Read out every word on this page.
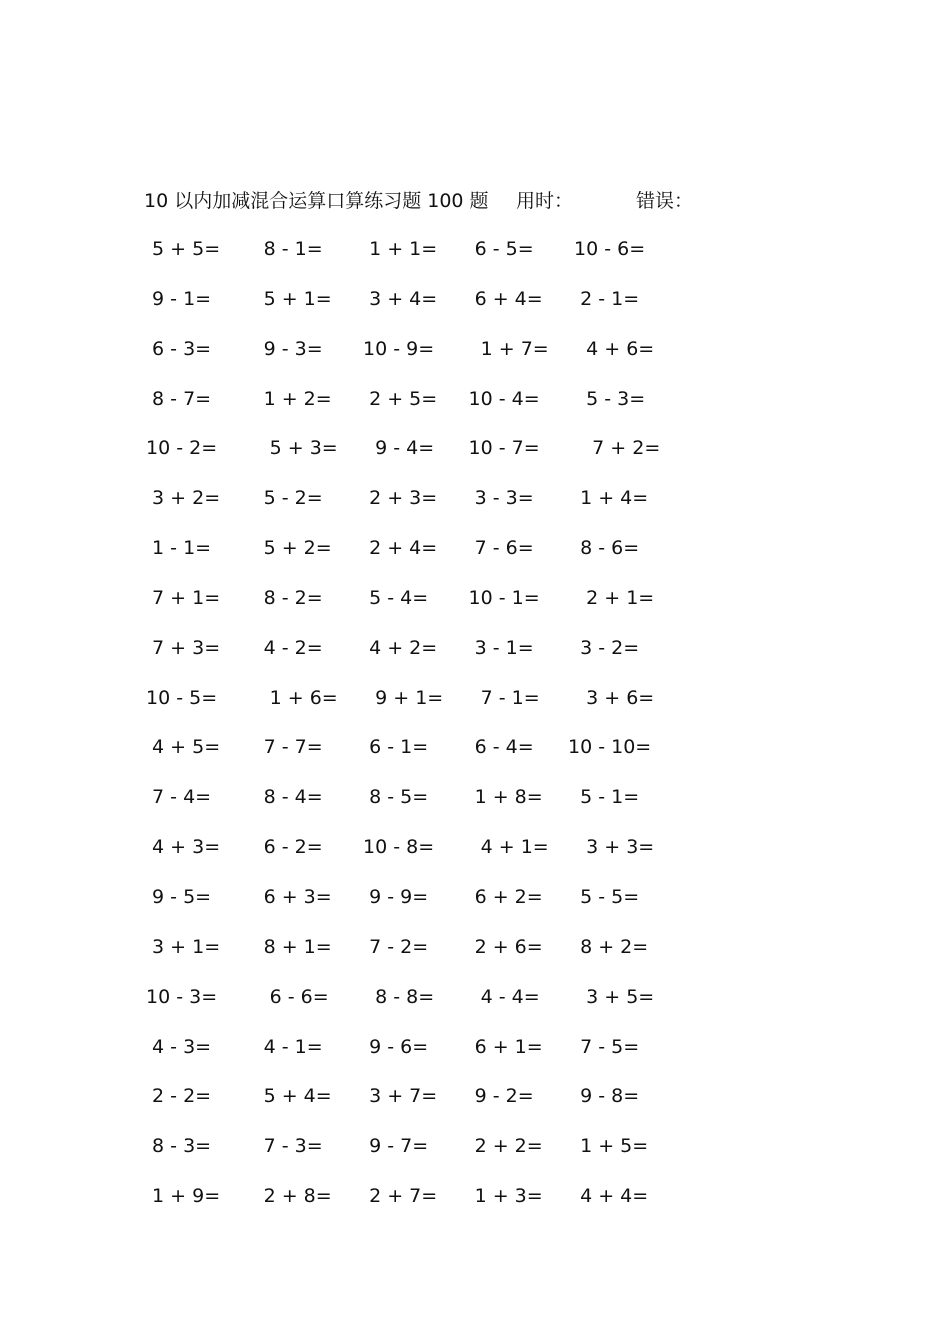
10 以内加减混合运算口算练习题 100 题 用时：	错误：
5 + 5=	8 - 1=	1 + 1=	6 - 5=	10 - 6=
9 - 1=	5 + 1=	3 + 4=	6 + 4=	2 - 1=
6 - 3=	9 - 3=	10 - 9=	1 + 7=	4 + 6=
8 - 7=	1 + 2=	2 + 5=	10 - 4=	5 - 3=
10 - 2=	5 + 3=	9 - 4=	10 - 7=	7 + 2=
3 + 2=	5 - 2=	2 + 3=	3 - 3=	1 + 4=
1 - 1=	5 + 2=	2 + 4=	7 - 6=	8 - 6=
7 + 1=	8 - 2=	5 - 4=	10 - 1=	2 + 1=
7 + 3=	4 - 2=	4 + 2=	3 - 1=	3 - 2=
10 - 5=	1 + 6=	9 + 1=	7 - 1=	3 + 6=
4 + 5=	7 - 7=	6 - 1=	6 - 4=	10 - 10=
7 - 4=	8 - 4=	8 - 5=	1 + 8=	5 - 1=
4 + 3=	6 - 2=	10 - 8=	4 + 1=	3 + 3=
9 - 5=	6 + 3=	9 - 9=	6 + 2=	5 - 5=
3 + 1=	8 + 1=	7 - 2=	2 + 6=	8 + 2=
10 - 3=	6 - 6=	8 - 8=	4 - 4=	3 + 5=
4 - 3=	4 - 1=	9 - 6=	6 + 1=	7 - 5=
2 - 2=	5 + 4=	3 + 7=	9 - 2=	9 - 8=
8 - 3=	7 - 3=	9 - 7=	2 + 2=	1 + 5=
1 + 9=	2 + 8=	2 + 7=	1 + 3=	4 + 4=
